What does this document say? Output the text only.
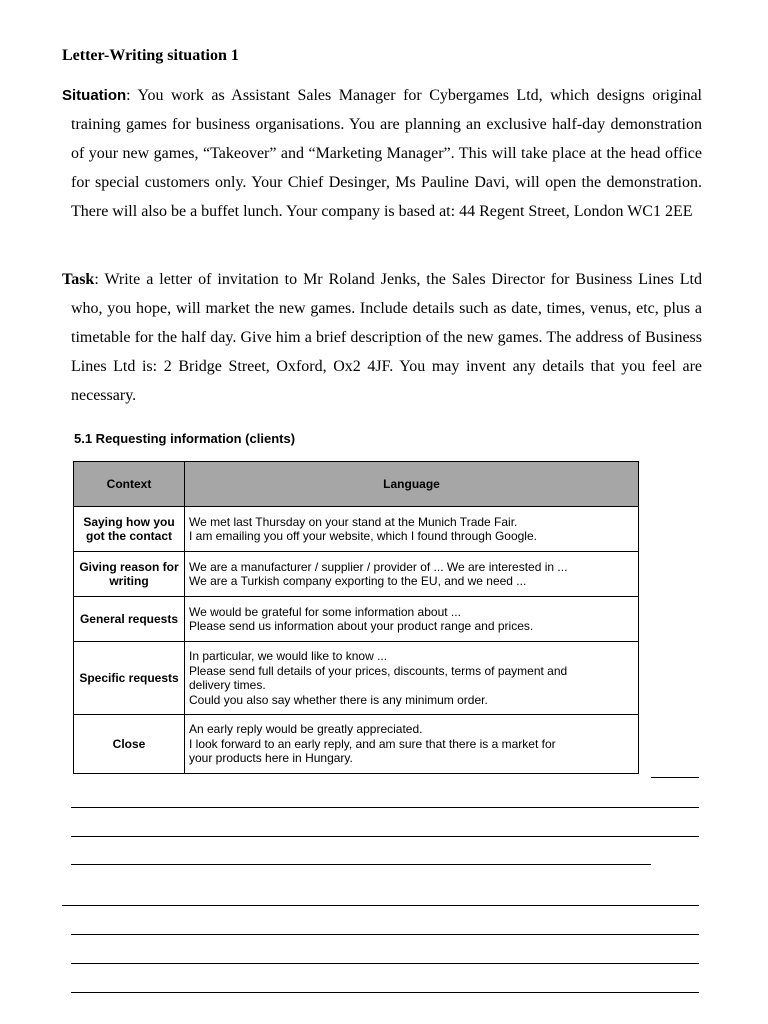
Letter-Writing situation 1
Situation: You work as Assistant Sales Manager for Cybergames Ltd, which designs original training games for business organisations. You are planning an exclusive half-day demonstration of your new games, “Takeover” and “Marketing Manager”. This will take place at the head office for special customers only. Your Chief Desinger, Ms Pauline Davi, will open the demonstration. There will also be a buffet lunch. Your company is based at: 44 Regent Street, London WC1 2EE
Task: Write a letter of invitation to Mr Roland Jenks, the Sales Director for Business Lines Ltd who, you hope, will market the new games. Include details such as date, times, venus, etc, plus a timetable for the half day. Give him a brief description of the new games. The address of Business Lines Ltd is: 2 Bridge Street, Oxford, Ox2 4JF. You may invent any details that you feel are necessary.
5.1 Requesting information (clients)
Context	Language
Saying how you got the contact	We met last Thursday on your stand at the Munich Trade Fair.
I am emailing you off your website, which I found through Google.

Giving reason for writing	We are a manufacturer / supplier / provider of ... We are interested in ...
We are a Turkish company exporting to the EU, and we need ...

General requests	We would be grateful for some information about ...
Please send us information about your product range and prices.

Specific requests	In particular, we would like to know ...
Please send full details of your prices, discounts, terms of payment and
delivery times.
Could you also say whether there is any minimum order.

Close	An early reply would be greatly appreciated.
I look forward to an early reply, and am sure that there is a market for
your products here in Hungary.
